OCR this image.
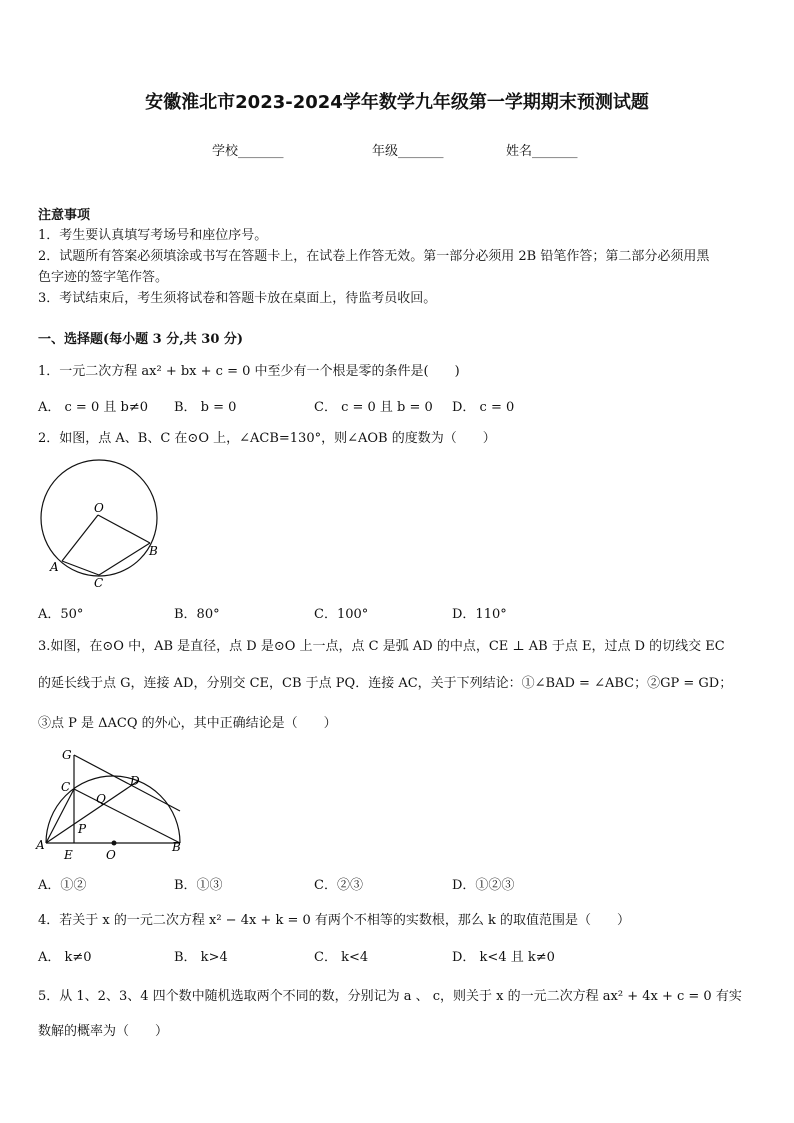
安徽淮北市2023-2024学年数学九年级第一学期期末预测试题
学校_______	年级_______	姓名_______
注意事项
1．考生要认真填写考场号和座位序号。
2．试题所有答案必须填涂或书写在答题卡上，在试卷上作答无效。第一部分必须用 2B 铅笔作答；第二部分必须用黑
色字迹的签字笔作答。
3．考试结束后，考生须将试卷和答题卡放在桌面上，待监考员收回。
一、选择题(每小题 3 分,共 30 分)
1．一元二次方程 ax² + bx + c = 0 中至少有一个根是零的条件是(　　)
A． c = 0 且 b≠0 B． b = 0	C． c = 0 且 b = 0 D． c = 0
2．如图，点 A、B、C 在⊙O 上，∠ACB=130°，则∠AOB 的度数为（　　）
O
A
B
C
A．50°	B．80°	C．100°	D．110°
3.如图，在⊙O 中，AB 是直径，点 D 是⊙O 上一点，点 C 是弧 AD 的中点，CE ⊥ AB 于点 E，过点 D 的切线交 EC
的延长线于点 G，连接 AD，分别交 CE，CB 于点 PQ．连接 AC，关于下列结论：①∠BAD = ∠ABC；②GP = GD；
③点 P 是 ΔACQ 的外心，其中正确结论是（　　）
G
C	D
Q
P
A
E	O
B
A．①②	B．①③	C．②③	D．①②③
4．若关于 x 的一元二次方程 x² − 4x + k = 0 有两个不相等的实数根，那么 k 的取值范围是（　　）
A． k≠0	B． k>4	C． k<4	D． k<4 且 k≠0
5．从 1、2、3、4 四个数中随机选取两个不同的数，分别记为 a 、 c，则关于 x 的一元二次方程 ax² + 4x + c = 0 有实
数解的概率为（　　）
